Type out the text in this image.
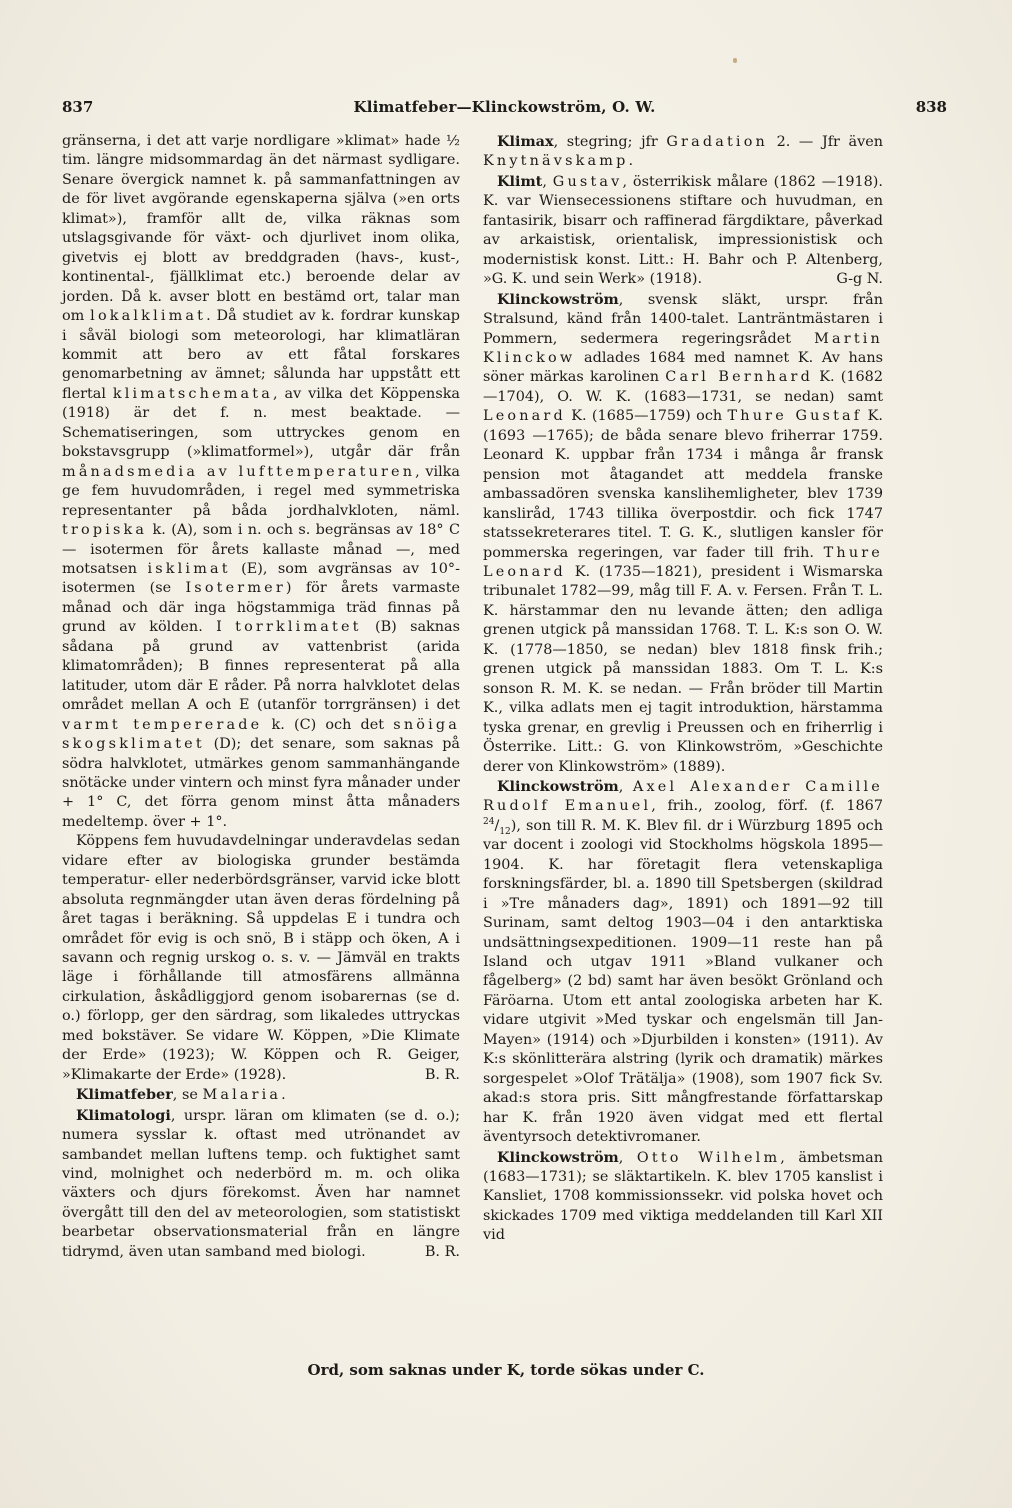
837	Klimatfeber—Klinckowström, O. W.	838

gränserna, i det att varje nordligare »klimat» hade ½ tim. längre midsommardag än det närmast sydligare. Senare övergick namnet k. på sammanfattningen av de för livet avgörande egenskaperna själva (»en orts klimat»), framför allt de, vilka räknas som utslagsgivande för växt- och djurlivet inom olika, givetvis ej blott av breddgraden (havs-, kust-, kontinental-, fjällklimat etc.) beroende delar av jorden. Då k. avser blott en bestämd ort, talar man om lokalklimat. Då studiet av k. fordrar kunskap i såväl biologi som meteorologi, har klimatläran kommit att bero av ett fåtal forskares genomarbetning av ämnet; sålunda har uppstått ett flertal klimatschemata, av vilka det Köppenska (1918) är det f. n. mest beaktade. — Schematiseringen, som uttryckes genom en bokstavsgrupp (»klimatformel»), utgår där från månadsmedia av lufttemperaturen, vilka ge fem huvudområden, i regel med symmetriska representanter på båda jordhalvkloten, näml. tropiska k. (A), som i n. och s. begränsas av 18° C — isotermen för årets kallaste månad —, med motsatsen isklimat (E), som avgränsas av 10°-isotermen (se Isotermer) för årets varmaste månad och där inga högstammiga träd finnas på grund av kölden. I torrklimatet (B) saknas sådana på grund av vattenbrist (arida klimatområden); B finnes representerat på alla latituder, utom där E råder. På norra halvklotet delas området mellan A och E (utanför torrgränsen) i det varmt tempererade k. (C) och det snöiga skogsklimatet (D); det senare, som saknas på södra halvklotet, utmärkes genom sammanhängande snötäcke under vintern och minst fyra månader under + 1° C, det förra genom minst åtta månaders medeltemp. över + 1°.

Köppens fem huvudavdelningar underavdelas sedan vidare efter av biologiska grunder bestämda temperatur- eller nederbördsgränser, varvid icke blott absoluta regnmängder utan även deras fördelning på året tagas i beräkning. Så uppdelas E i tundra och området för evig is och snö, B i stäpp och öken, A i savann och regnig urskog o. s. v. — Jämväl en trakts läge i förhållande till atmosfärens allmänna cirkulation, åskådliggjord genom isobarernas (se d. o.) förlopp, ger den särdrag, som likaledes uttryckas med bokstäver. Se vidare W. Köppen, »Die Klimate der Erde» (1923); W. Köppen och R. Geiger, »Klimakarte der Erde» (1928).	B. R.

Klimatfeber, se Malaria.

Klimatologi, urspr. läran om klimaten (se d. o.); numera sysslar k. oftast med utrönandet av sambandet mellan luftens temp. och fuktighet samt vind, molnighet och nederbörd m. m. och olika växters och djurs förekomst. Även har namnet övergått till den del av meteorologien, som statistiskt bearbetar observationsmaterial från en längre tidrymd, även utan samband med biologi.	B. R.

Klimax, stegring; jfr Gradation 2. — Jfr även Knytnävskamp.

Klimt, Gustav, österrikisk målare (1862 —1918). K. var Wiensecessionens stiftare och huvudman, en fantasirik, bisarr och raffinerad färgdiktare, påverkad av arkaistisk, orientalisk, impressionistisk och modernistisk konst. Litt.: H. Bahr och P. Altenberg, »G. K. und sein Werk» (1918).	G-g N.

Klinckowström, svensk släkt, urspr. från Stralsund, känd från 1400-talet. Lanträntmästaren i Pommern, sedermera regeringsrådet Martin Klinckow adlades 1684 med namnet K. Av hans söner märkas karolinen Carl Bernhard K. (1682—1704), O. W. K. (1683—1731, se nedan) samt Leonard K. (1685—1759) och Thure Gustaf K. (1693 —1765); de båda senare blevo friherrar 1759. Leonard K. uppbar från 1734 i många år fransk pension mot åtagandet att meddela franske ambassadören svenska kanslihemligheter, blev 1739 kansliråd, 1743 tillika överpostdir. och fick 1747 statssekreterares titel. T. G. K., slutligen kansler för pommerska regeringen, var fader till frih. Thure Leonard K. (1735—1821), president i Wismarska tribunalet 1782—99, måg till F. A. v. Fersen. Från T. L. K. härstammar den nu levande ätten; den adliga grenen utgick på manssidan 1768. T. L. K:s son O. W. K. (1778—1850, se nedan) blev 1818 finsk frih.; grenen utgick på manssidan 1883. Om T. L. K:s sonson R. M. K. se nedan. — Från bröder till Martin K., vilka adlats men ej tagit introduktion, härstamma tyska grenar, en grevlig i Preussen och en friherrlig i Österrike. Litt.: G. von Klinkowström, »Geschichte derer von Klinkowström» (1889).

Klinckowström, Axel Alexander Camille Rudolf Emanuel, frih., zoolog, förf. (f. 1867 $^{24}/_{12}$), son till R. M. K. Blev fil. dr i Würzburg 1895 och var docent i zoologi vid Stockholms högskola 1895—1904. K. har företagit flera vetenskapliga forskningsfärder, bl. a. 1890 till Spetsbergen (skildrad i »Tre månaders dag», 1891) och 1891—92 till Surinam, samt deltog 1903—04 i den antarktiska undsättningsexpeditionen. 1909—11 reste han på Island och utgav 1911 »Bland vulkaner och fågelberg» (2 bd) samt har även besökt Grönland och Färöarna. Utom ett antal zoologiska arbeten har K. vidare utgivit »Med tyskar och engelsmän till Jan-Mayen» (1914) och »Djurbilden i konsten» (1911). Av K:s skönlitterära alstring (lyrik och dramatik) märkes sorgespelet »Olof Trätälja» (1908), som 1907 fick Sv. akad:s stora pris. Sitt mångfrestande författarskap har K. från 1920 även vidgat med ett flertal äventyrsoch detektivromaner.

Klinckowström, Otto Wilhelm, ämbetsman (1683—1731); se släktartikeln. K. blev 1705 kanslist i Kansliet, 1708 kommissionssekr. vid polska hovet och skickades 1709 med viktiga meddelanden till Karl XII vid

Ord, som saknas under K, torde sökas under C.
